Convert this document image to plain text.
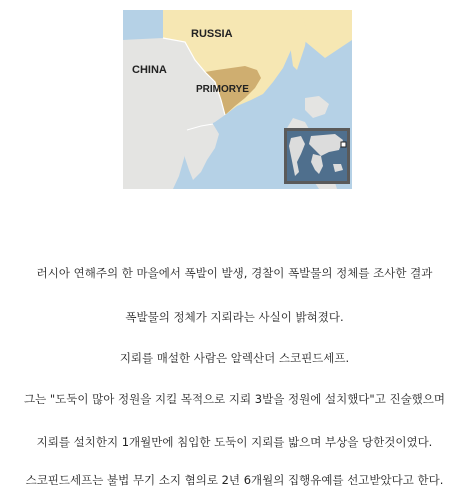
RUSSIA
CHINA
PRIMORYE
러시아 연해주의 한 마을에서 폭발이 발생, 경찰이 폭발물의 정체를 조사한 결과
폭발물의 정체가 지뢰라는 사실이 밝혀졌다.
지뢰를 매설한 사람은 알렉산더 스코핀드세프.
그는 "도둑이 많아 정원을 지킬 목적으로 지뢰 3발을 정원에 설치했다"고 진술했으며
지뢰를 설치한지 1개월만에 침입한 도둑이 지뢰를 밟으며 부상을 당한것이였다.
스코핀드세프는 불법 무기 소지 혐의로 2년 6개월의 집행유예를 선고받았다고 한다.
